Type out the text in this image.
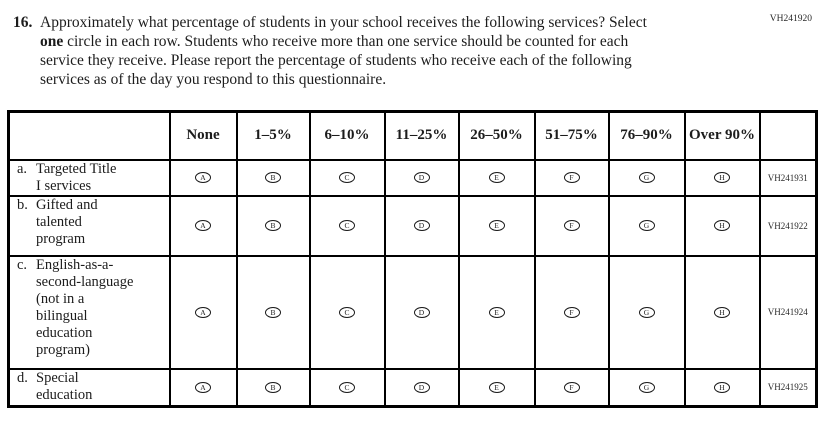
VH241920
16. Approximately what percentage of students in your school receives the following services? Select
one circle in each row. Students who receive more than one service should be counted for each
service they receive. Please report the percentage of students who receive each of the following
services as of the day you respond to this questionnaire.
	None	1–5%	6–10%	11–25%	26–50%	51–75%	76–90%	Over 90%	

a. Targeted Title
I services	A	B	C	D	E	F	G	H	VH241931

b. Gifted and
talented
program	A	B	C	D	E	F	G	H	VH241922

c. English-as-a-
second-language
(not in a
bilingual
education
program)
	A	B	C	D	E	F	G	H	VH241924

d. Special
education	A	B	C	D	E	F	G	H	VH241925
